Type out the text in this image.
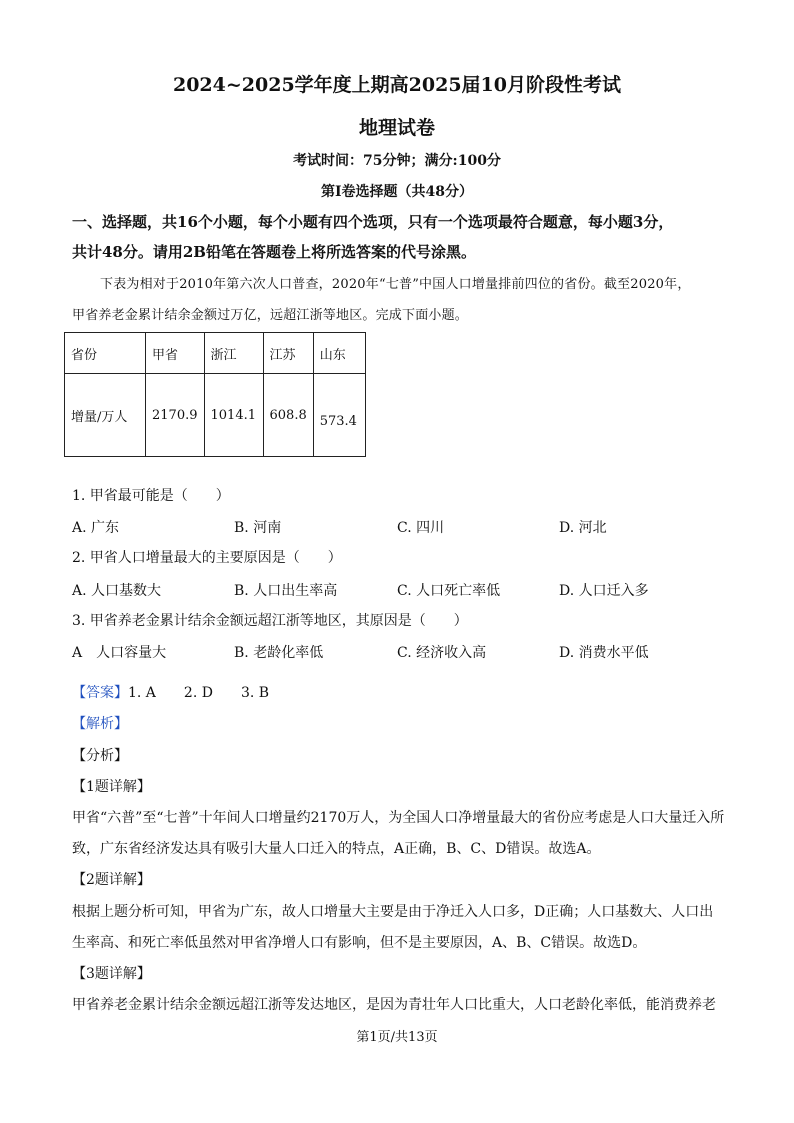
2024~2025学年度上期高2025届10月阶段性考试
地理试卷
考试时间：75分钟；满分:100分
第I卷选择题（共48分）
一、选择题，共16个小题，每个小题有四个选项，只有一个选项最符合题意，每小题3分，
共计48分。请用2B铅笔在答题卷上将所选答案的代号涂黑。
下表为相对于2010年第六次人口普查，2020年“七普”中国人口增量排前四位的省份。截至2020年，
甲省养老金累计结余金额过万亿，远超江浙等地区。完成下面小题。
省份	甲省	浙江	江苏	山东
增量/万人	2170.9	1014.1	608.8	573.4
1. 甲省最可能是（　　）
A. 广东	B. 河南	C. 四川	D. 河北
2. 甲省人口增量最大的主要原因是（　　）
A. 人口基数大	B. 人口出生率高	C. 人口死亡率低	D. 人口迁入多
3. 甲省养老金累计结余金额远超江浙等地区，其原因是（　　）
A　人口容量大	B. 老龄化率低	C. 经济收入高	D. 消费水平低
【答案】1. A　　2. D　　3. B
【解析】
【分析】
【1题详解】
甲省“六普”至“七普”十年间人口增量约2170万人，为全国人口净增量最大的省份应考虑是人口大量迁入所
致，广东省经济发达具有吸引大量人口迁入的特点，A正确，B、C、D错误。故选A。
【2题详解】
根据上题分析可知，甲省为广东，故人口增量大主要是由于净迁入人口多，D正确；人口基数大、人口出
生率高、和死亡率低虽然对甲省净增人口有影响，但不是主要原因，A、B、C错误。故选D。
【3题详解】
甲省养老金累计结余金额远超江浙等发达地区，是因为青壮年人口比重大，人口老龄化率低，能消费养老
第1页/共13页
